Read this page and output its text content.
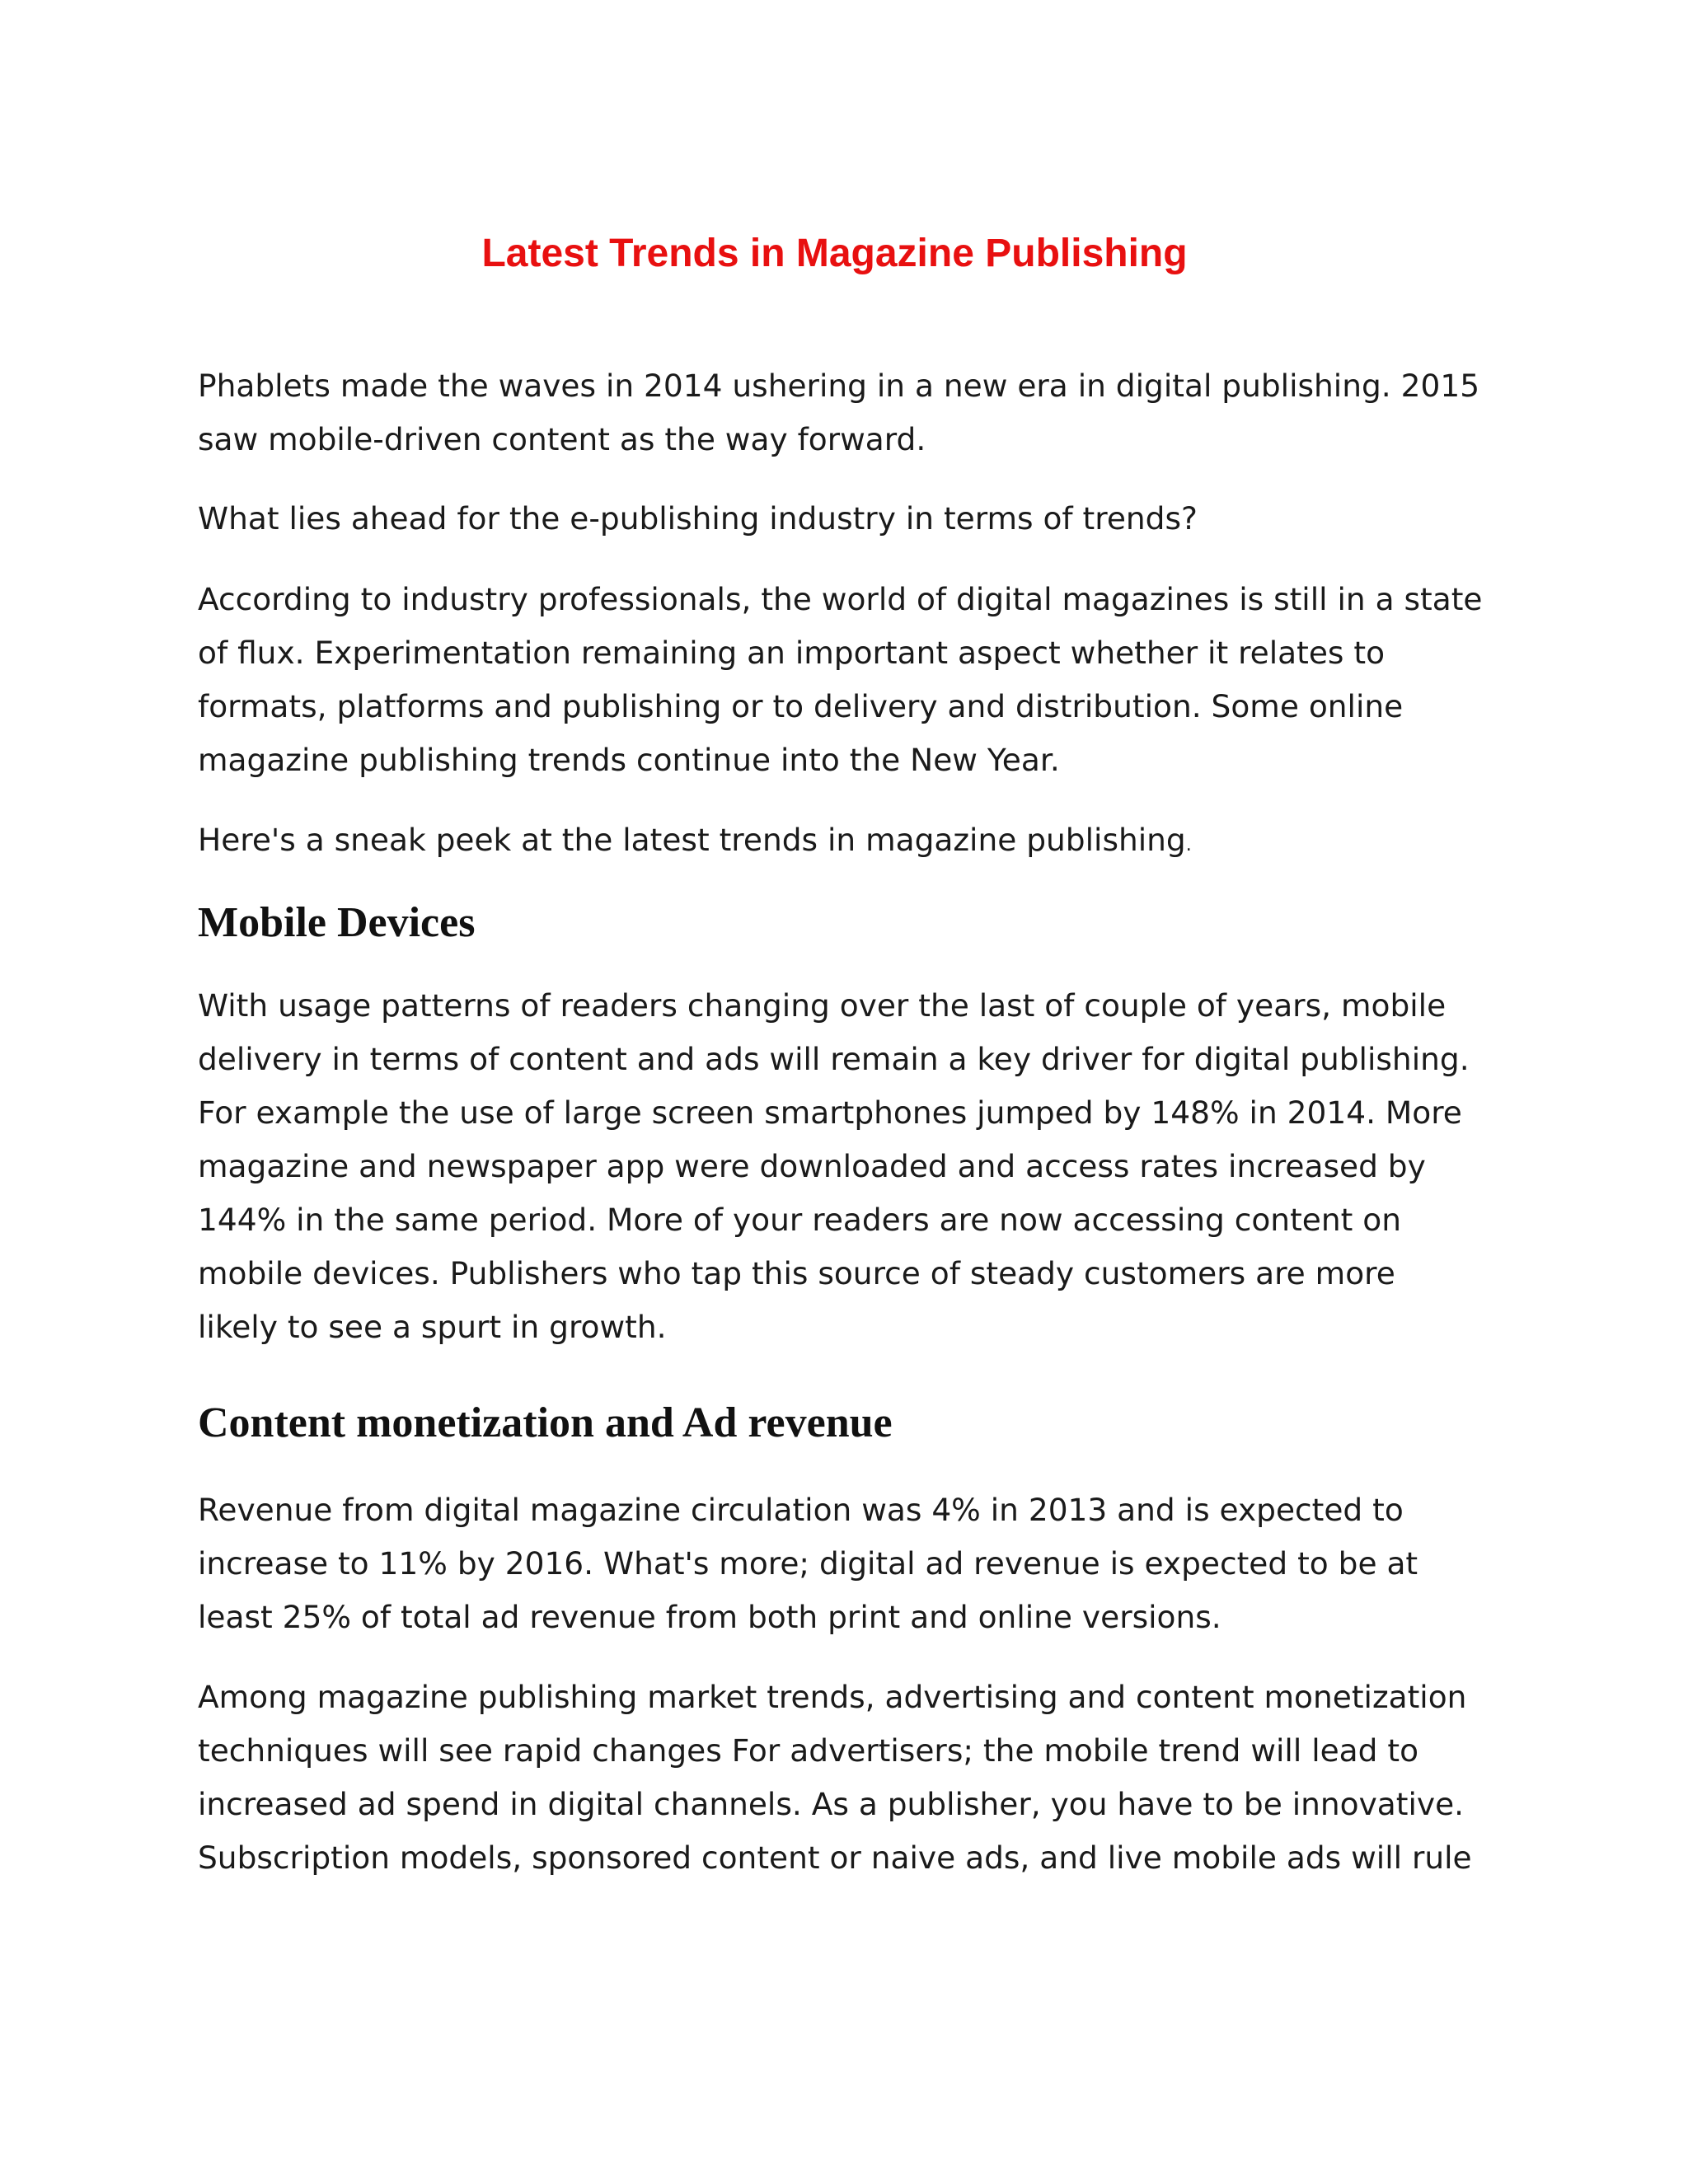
Latest Trends in Magazine Publishing

Phablets made the waves in 2014 ushering in a new era in digital publishing. 2015
saw mobile-driven content as the way forward.

What lies ahead for the e-publishing industry in terms of trends?

According to industry professionals, the world of digital magazines is still in a state
of flux. Experimentation remaining an important aspect whether it relates to
formats, platforms and publishing or to delivery and distribution. Some online
magazine publishing trends continue into the New Year.

Here's a sneak peek at the latest trends in magazine publishing.

Mobile Devices

With usage patterns of readers changing over the last of couple of years, mobile
delivery in terms of content and ads will remain a key driver for digital publishing.
For example the use of large screen smartphones jumped by 148% in 2014. More
magazine and newspaper app were downloaded and access rates increased by
144% in the same period. More of your readers are now accessing content on
mobile devices. Publishers who tap this source of steady customers are more
likely to see a spurt in growth.

Content monetization and Ad revenue

Revenue from digital magazine circulation was 4% in 2013 and is expected to
increase to 11% by 2016. What's more; digital ad revenue is expected to be at
least 25% of total ad revenue from both print and online versions.

Among magazine publishing market trends, advertising and content monetization
techniques will see rapid changes For advertisers; the mobile trend will lead to
increased ad spend in digital channels. As a publisher, you have to be innovative.
Subscription models, sponsored content or naive ads, and live mobile ads will rule
